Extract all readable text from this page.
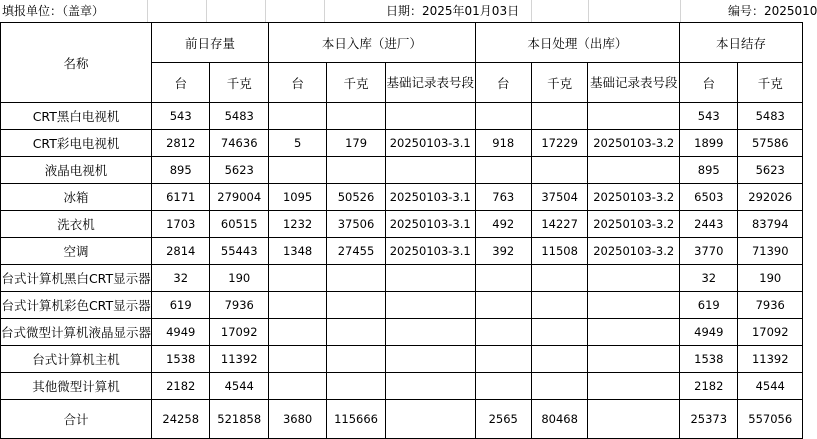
填报单位：（盖章）	日期：2025年01月03日	编号：2025010
名称	前日存量		本日入库（进厂）			本日处理（出库）			本日结存	
	台	千克	台	千克	基础记录表号段	台	千克	基础记录表号段	台	千克
CRT黑白电视机	543	5483							543	5483
CRT彩电电视机	2812	74636	5	179	20250103-3.1	918	17229	20250103-3.2	1899	57586
液晶电视机	895	5623							895	5623
冰箱	6171	279004	1095	50526	20250103-3.1	763	37504	20250103-3.2	6503	292026
洗衣机	1703	60515	1232	37506	20250103-3.1	492	14227	20250103-3.2	2443	83794
空调	2814	55443	1348	27455	20250103-3.1	392	11508	20250103-3.2	3770	71390
台式计算机黑白CRT显示器	32	190							32	190
台式计算机彩色CRT显示器	619	7936							619	7936
台式微型计算机液晶显示器	4949	17092							4949	17092
台式计算机主机	1538	11392							1538	11392
其他微型计算机	2182	4544							2182	4544
合计	24258	521858	3680	115666		2565	80468		25373	557056
